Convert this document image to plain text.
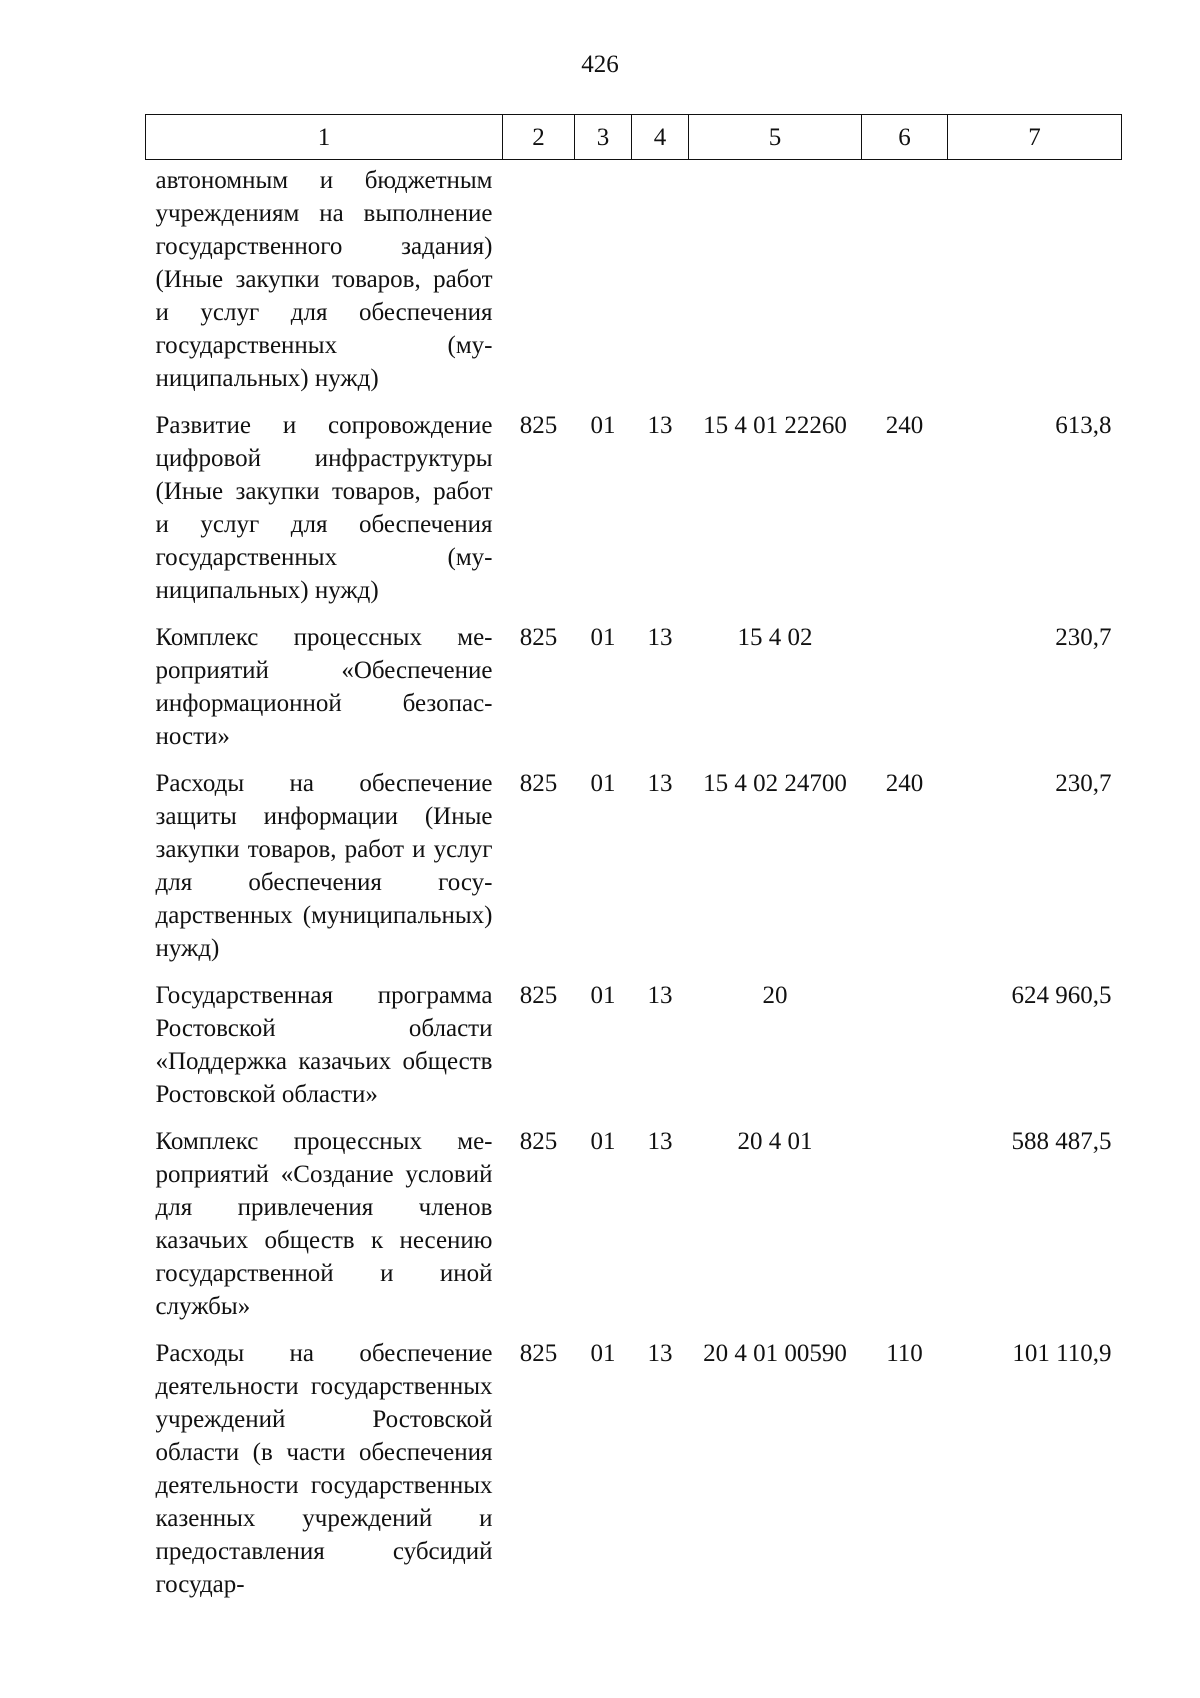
426
1	2	3	4	5	6	7
автономным и бюджетным учреждениям на выполнение государственного задания) (Иные закупки товаров, работ и услуг для обеспечения государственных (муниципальных) нужд)						
Развитие и сопровождение цифровой инфраструктуры (Иные закупки товаров, работ и услуг для обеспечения государственных (муниципальных) нужд)	825	01	13	15 4 01 22260	240	613,8
Комплекс процессных мероприятий «Обеспечение информационной безопасности»	825	01	13	15 4 02		230,7
Расходы на обеспечение защиты информации (Иные закупки товаров, работ и услуг для обеспечения государственных (муниципальных) нужд)	825	01	13	15 4 02 24700	240	230,7
Государственная программа Ростовской области «Поддержка казачьих обществ Ростовской области»	825	01	13	20		624 960,5
Комплекс процессных мероприятий «Создание условий для привлечения членов казачьих обществ к несению государственной и иной службы»	825	01	13	20 4 01		588 487,5
Расходы на обеспечение деятельности государственных учреждений Ростовской области (в части обеспечения деятельности государственных казенных учреждений и предоставления субсидий государ-	825	01	13	20 4 01 00590	110	101 110,9
